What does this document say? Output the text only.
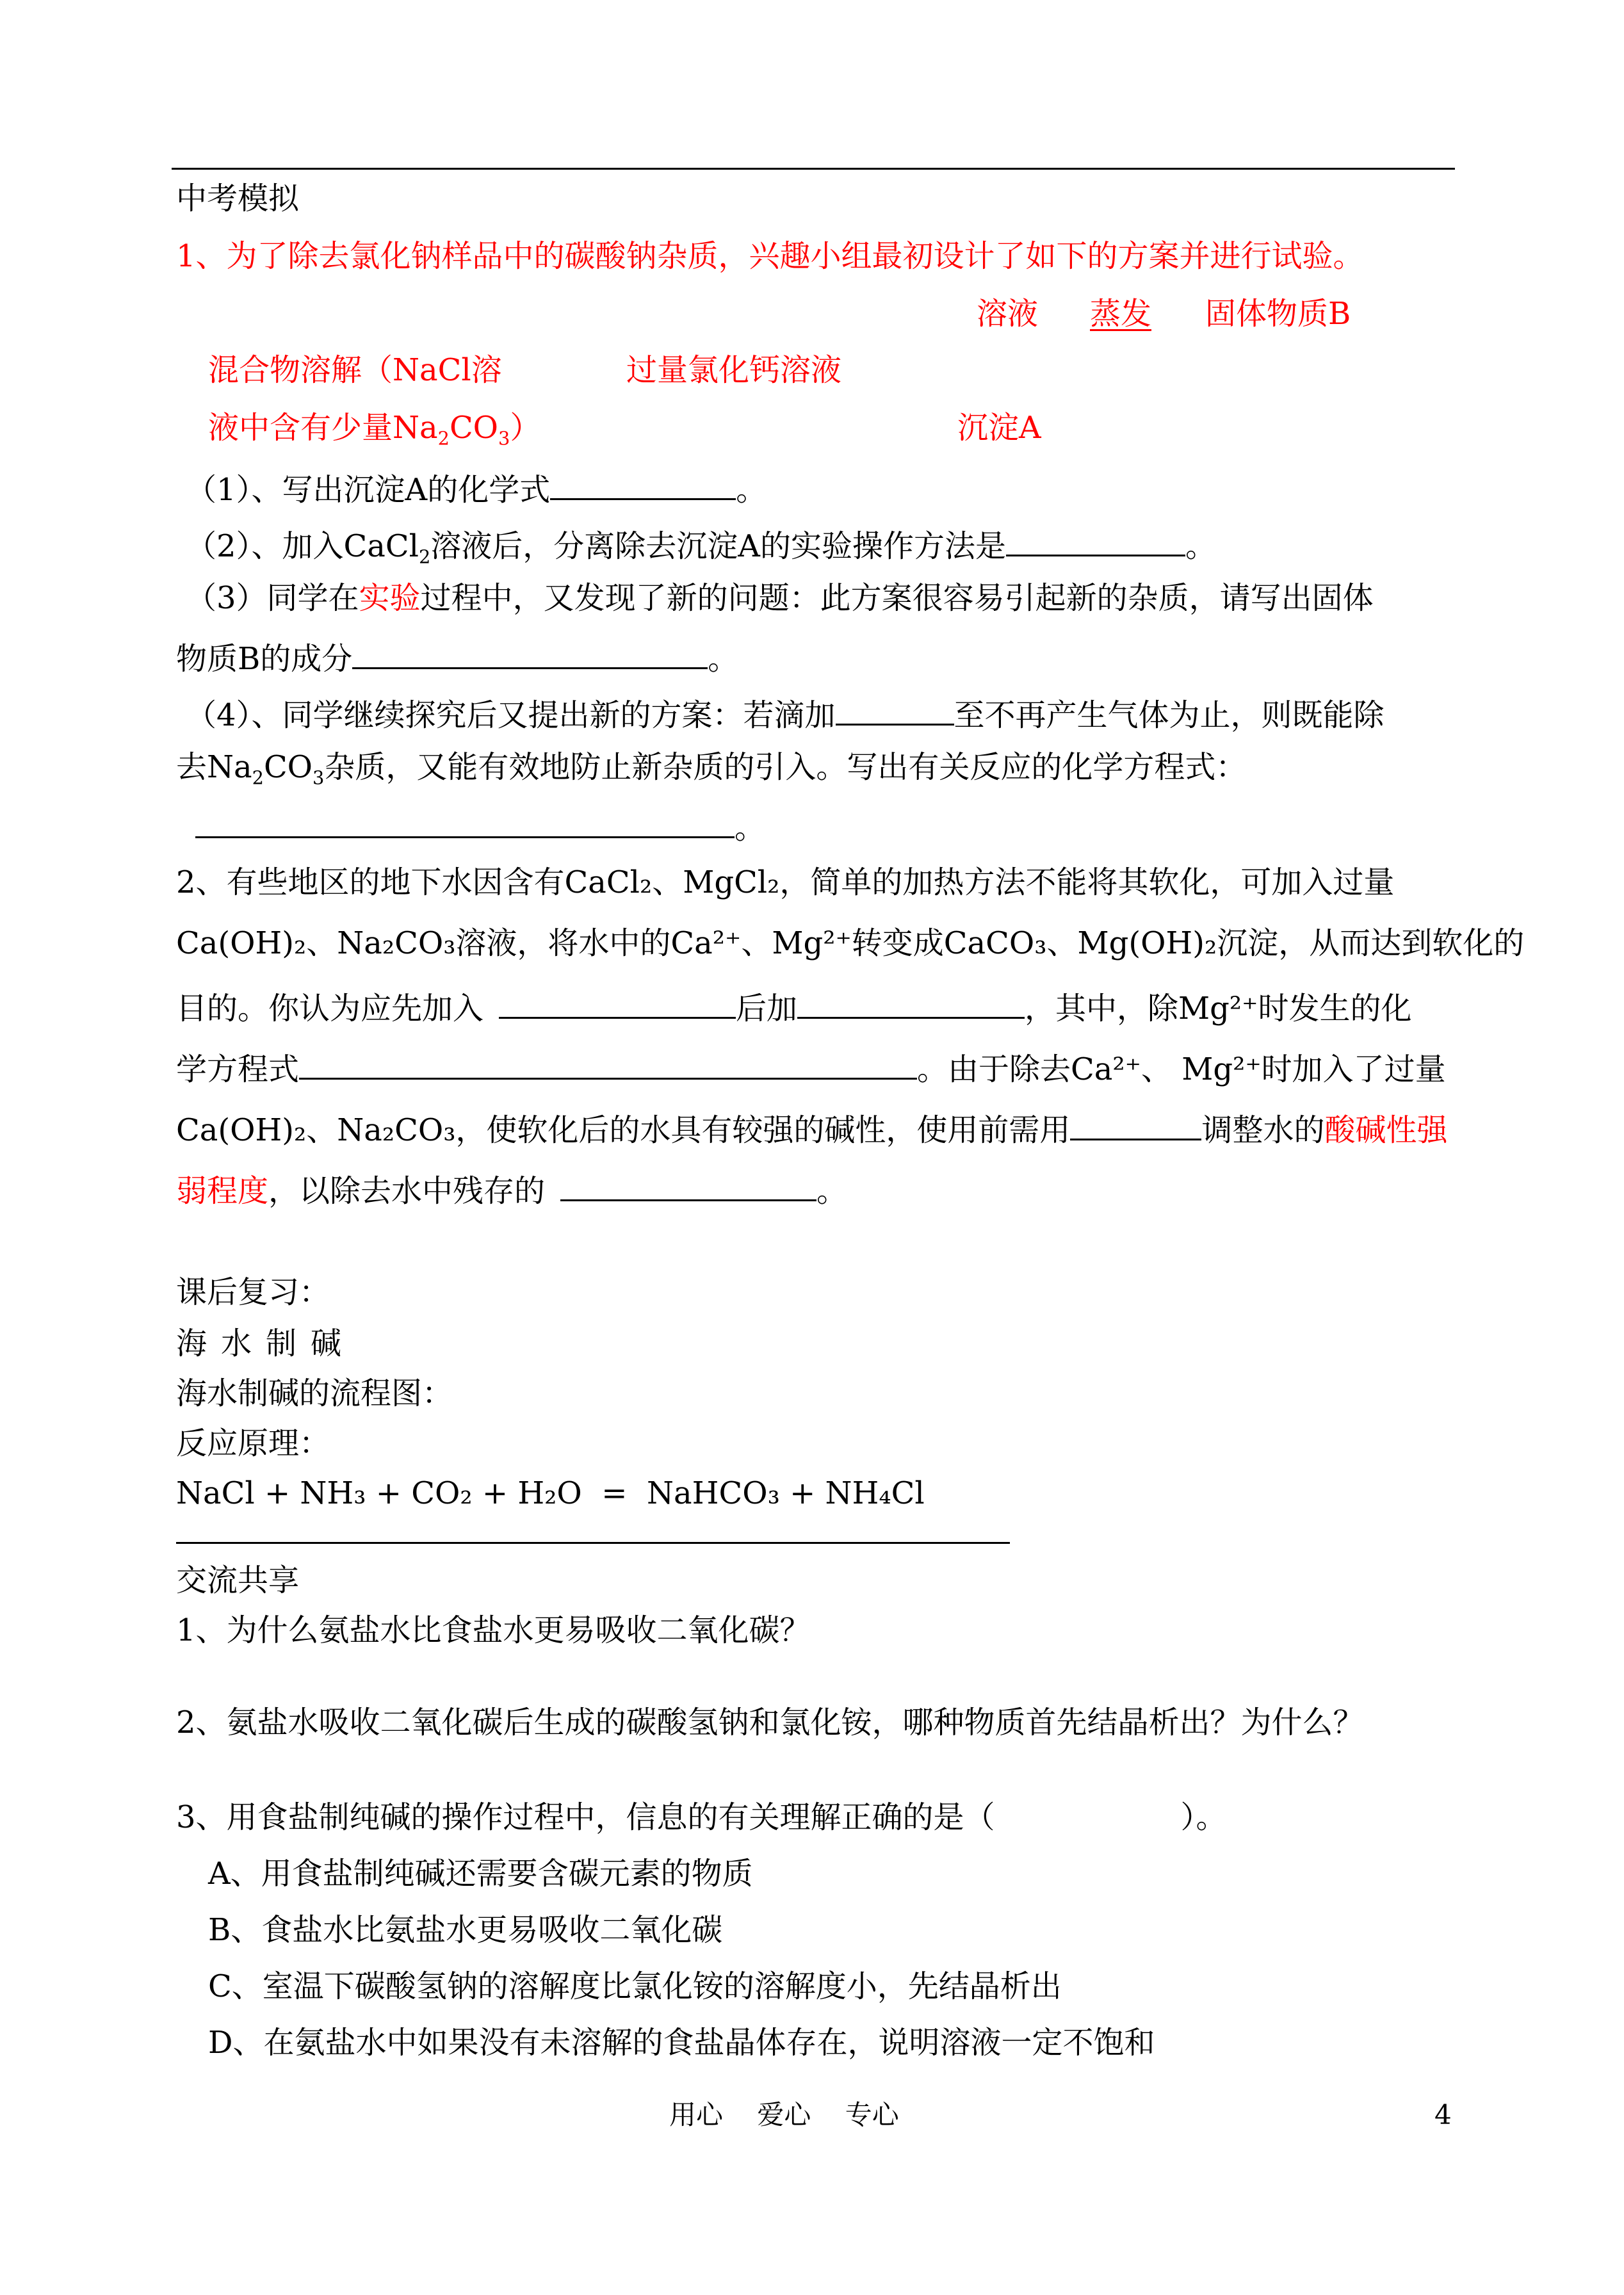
中考模拟
1、为了除去氯化钠样品中的碳酸钠杂质，兴趣小组最初设计了如下的方案并进行试验。
溶液 蒸发 固体物质B
混合物溶解（NaCl溶	过量氯化钙溶液
液中含有少量$Na_2CO_3$）	沉淀A
（1）、写出沉淀A的化学式	。
（2）、加入CaCl$_2$溶液后，分离除去沉淀A的实验操作方法是	。
（3）同学在实验过程中，又发现了新的问题：此方案很容易引起新的杂质，请写出固体
物质B的成分	。
（4）、同学继续探究后又提出新的方案：若滴加	至不再产生气体为止，则既能除
去$Na_2CO_3$杂质，又能有效地防止新杂质的引入。写出有关反应的化学方程式：
。
2、有些地区的地下水因含有CaCl₂、MgCl₂，简单的加热方法不能将其软化，可加入过量
Ca(OH)₂、Na₂CO₃溶液，将水中的Ca²⁺、Mg²⁺转变成CaCO₃、Mg(OH)₂沉淀，从而达到软化的
目的。你认为应先加入	后加	，其中，除Mg²⁺时发生的化
学方程式	。由于除去Ca²⁺、 Mg²⁺时加入了过量
Ca(OH)₂、Na₂CO₃，使软化后的水具有较强的碱性，使用前需用	调整水的酸碱性强
弱程度，以除去水中残存的	。
课后复习：
海水制碱
海水制碱的流程图：
反应原理：
NaCl + NH₃ + CO₂ + H₂O  =  NaHCO₃ + NH₄Cl
交流共享
1、为什么氨盐水比食盐水更易吸收二氧化碳？
2、氨盐水吸收二氧化碳后生成的碳酸氢钠和氯化铵，哪种物质首先结晶析出？为什么？
3、用食盐制纯碱的操作过程中，信息的有关理解正确的是（	）。
A、用食盐制纯碱还需要含碳元素的物质
B、食盐水比氨盐水更易吸收二氧化碳
C、室温下碳酸氢钠的溶解度比氯化铵的溶解度小，先结晶析出
D、在氨盐水中如果没有未溶解的食盐晶体存在，说明溶液一定不饱和
用心    爱心    专心	4
